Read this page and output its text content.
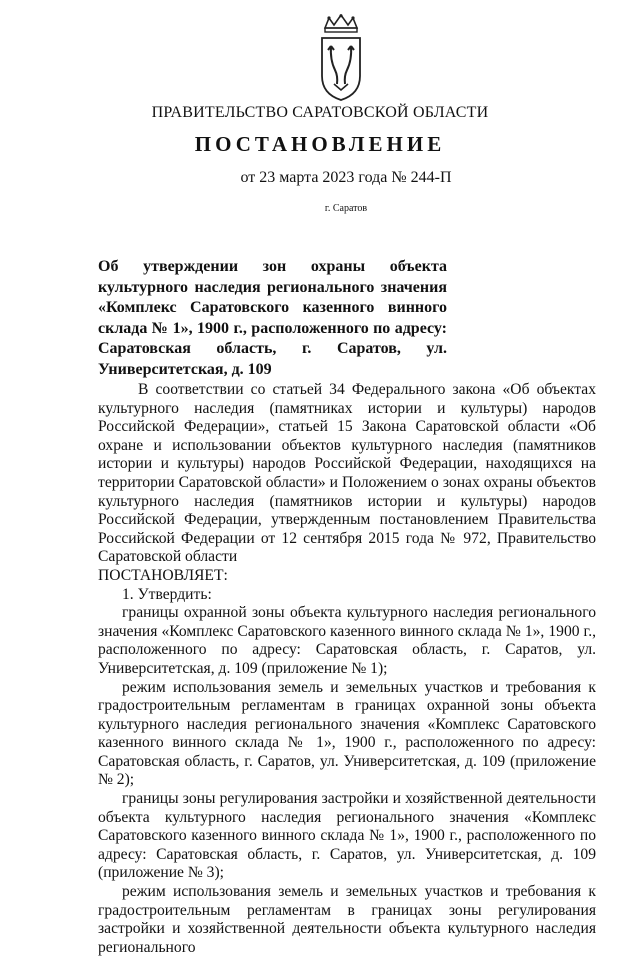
ПРАВИТЕЛЬСТВО САРАТОВСКОЙ ОБЛАСТИ
ПОСТАНОВЛЕНИЕ
от 23 марта 2023 года № 244-П
г. Саратов
Об утверждении зон охраны объекта культурного наследия регионального значения «Комплекс Саратовского казенного винного склада № 1», 1900 г., расположенного по адресу: Саратовская область, г. Саратов, ул. Университетская, д. 109

В соответствии со статьей 34 Федерального закона «Об объектах культурного наследия (памятниках истории и культуры) народов Российской Федерации», статьей 15 Закона Саратовской области «Об охране и использовании объектов культурного наследия (памятников истории и культуры) народов Российской Федерации, находящихся на территории Саратовской области» и Положением о зонах охраны объектов культурного наследия (памятников истории и культуры) народов Российской Федерации, утвержденным постановлением Правительства Российской Федерации от 12 сентября 2015 года № 972, Правительство Саратовской области

ПОСТАНОВЛЯЕТ:

1. Утвердить:

границы охранной зоны объекта культурного наследия регионального значения «Комплекс Саратовского казенного винного склада № 1», 1900 г., расположенного по адресу: Саратовская область, г. Саратов, ул. Университетская, д. 109 (приложение № 1);

режим использования земель и земельных участков и требования к градостроительным регламентам в границах охранной зоны объекта культурного наследия регионального значения «Комплекс Саратовского казенного винного склада № 1», 1900 г., расположенного по адресу: Саратовская область, г. Саратов, ул. Университетская, д. 109 (приложение № 2);

границы зоны регулирования застройки и хозяйственной деятельности объекта культурного наследия регионального значения «Комплекс Саратовского казенного винного склада № 1», 1900 г., расположенного по адресу: Саратовская область, г. Саратов, ул. Университетская, д. 109 (приложение № 3);

режим использования земель и земельных участков и требования к градостроительным регламентам в границах зоны регулирования застройки и хозяйственной деятельности объекта культурного наследия регионального
